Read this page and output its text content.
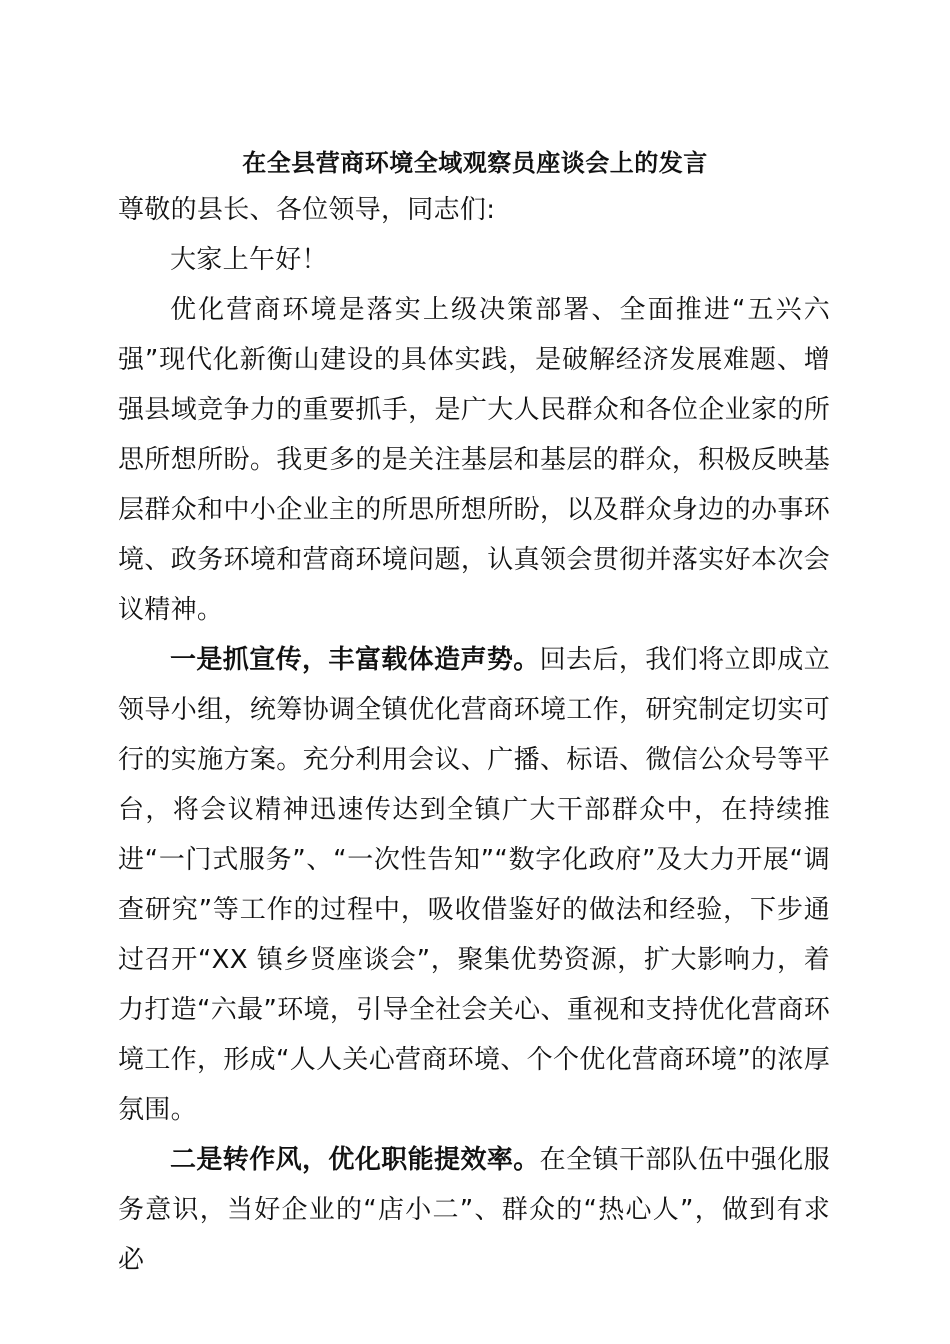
在全县营商环境全域观察员座谈会上的发言

尊敬的县长、各位领导，同志们:

大家上午好！

优化营商环境是落实上级决策部署、全面推进“五兴六强”现代化新衡山建设的具体实践，是破解经济发展难题、增强县域竞争力的重要抓手，是广大人民群众和各位企业家的所思所想所盼。我更多的是关注基层和基层的群众，积极反映基层群众和中小企业主的所思所想所盼，以及群众身边的办事环境、政务环境和营商环境问题，认真领会贯彻并落实好本次会议精神。

一是抓宣传，丰富载体造声势。回去后，我们将立即成立领导小组，统筹协调全镇优化营商环境工作，研究制定切实可行的实施方案。充分利用会议、广播、标语、微信公众号等平台，将会议精神迅速传达到全镇广大干部群众中，在持续推进“一门式服务”、“一次性告知”“数字化政府”及大力开展“调查研究”等工作的过程中，吸收借鉴好的做法和经验，下步通过召开“XX 镇乡贤座谈会”，聚集优势资源，扩大影响力，着力打造“六最”环境，引导全社会关心、重视和支持优化营商环境工作，形成“人人关心营商环境、个个优化营商环境”的浓厚氛围。

二是转作风，优化职能提效率。在全镇干部队伍中强化服务意识，当好企业的“店小二”、群众的“热心人”，做到有求必
